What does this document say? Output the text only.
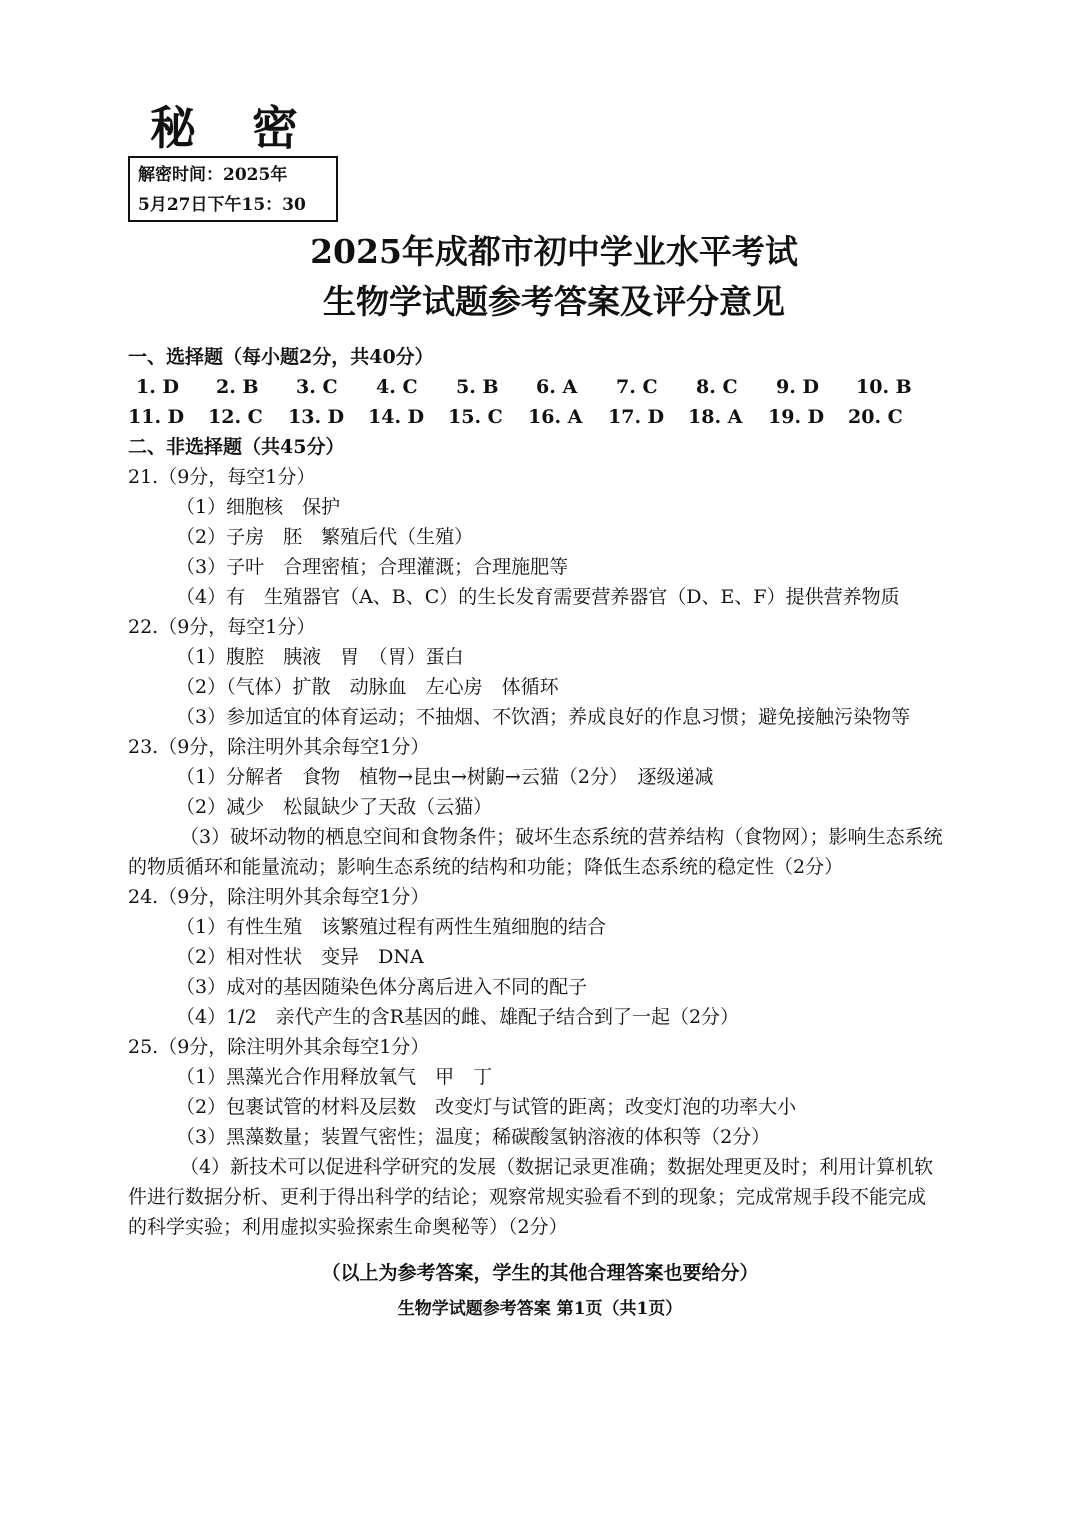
秘密
解密时间：2025年
5月27日下午15：30
2025年成都市初中学业水平考试
生物学试题参考答案及评分意见
一、选择题（每小题2分，共40分）
1. D	2. B	3. C	4. C	5. B	6. A	7. C	8. C	9. D	10. B
11. D	12. C	13. D	14. D	15. C	16. A	17. D	18. A	19. D	20. C
二、非选择题（共45分）
21.（9分，每空1分）
（1）细胞核　保护
（2）子房　胚　繁殖后代（生殖）
（3）子叶　合理密植；合理灌溉；合理施肥等
（4）有　生殖器官（A、B、C）的生长发育需要营养器官（D、E、F）提供营养物质
22.（9分，每空1分）
（1）腹腔　胰液　胃　（胃）蛋白
（2）（气体）扩散　动脉血　左心房　体循环
（3）参加适宜的体育运动；不抽烟、不饮酒；养成良好的作息习惯；避免接触污染物等
23.（9分，除注明外其余每空1分）
（1）分解者　食物　植物→昆虫→树鼩→云猫（2分）　逐级递减
（2）减少　松鼠缺少了天敌（云猫）
（3）破坏动物的栖息空间和食物条件；破坏生态系统的营养结构（食物网）；影响生态系统的物质循环和能量流动；影响生态系统的结构和功能；降低生态系统的稳定性（2分）
24.（9分，除注明外其余每空1分）
（1）有性生殖　该繁殖过程有两性生殖细胞的结合
（2）相对性状　变异　DNA
（3）成对的基因随染色体分离后进入不同的配子
（4）1/2　亲代产生的含R基因的雌、雄配子结合到了一起（2分）
25.（9分，除注明外其余每空1分）
（1）黑藻光合作用释放氧气　甲　丁
（2）包裹试管的材料及层数　改变灯与试管的距离；改变灯泡的功率大小
（3）黑藻数量；装置气密性；温度；稀碳酸氢钠溶液的体积等（2分）
（4）新技术可以促进科学研究的发展（数据记录更准确；数据处理更及时；利用计算机软件进行数据分析、更利于得出科学的结论；观察常规实验看不到的现象；完成常规手段不能完成的科学实验；利用虚拟实验探索生命奥秘等）（2分）
（以上为参考答案，学生的其他合理答案也要给分）
生物学试题参考答案 第1页（共1页）
